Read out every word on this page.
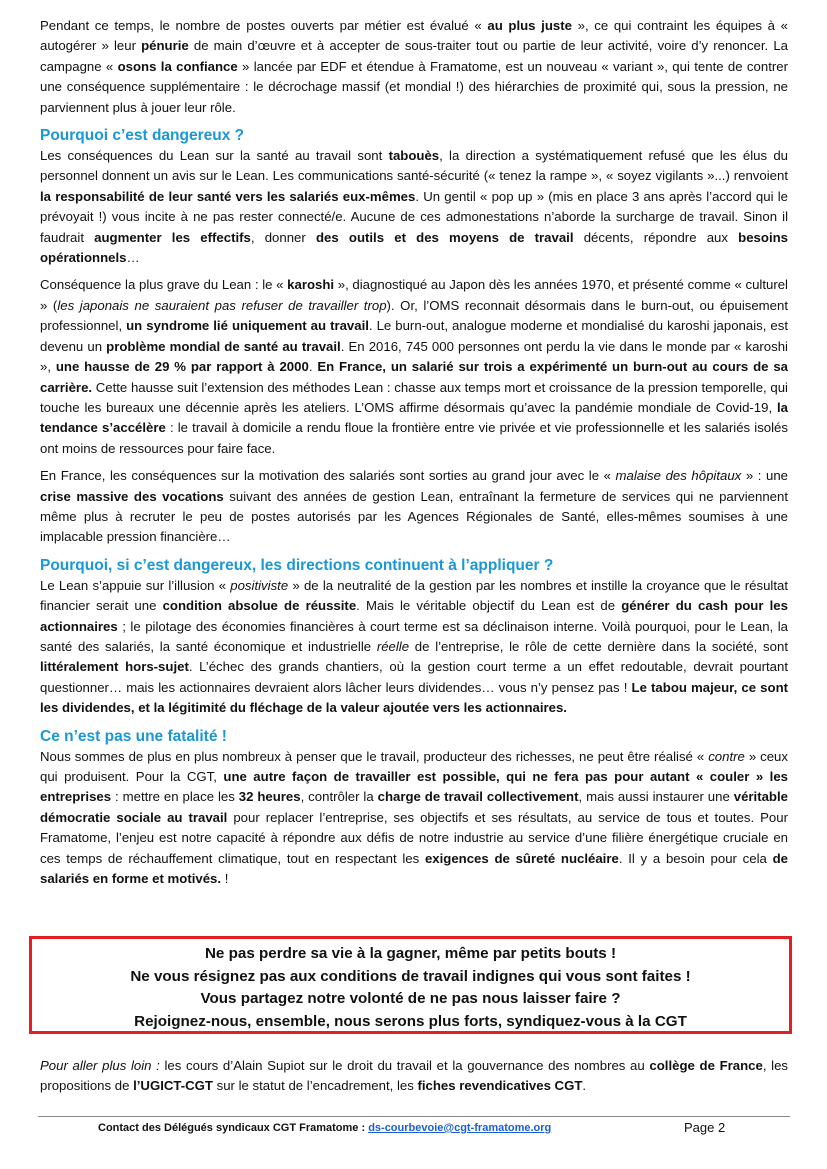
Pendant ce temps, le nombre de postes ouverts par métier est évalué « au plus juste », ce qui contraint les équipes à « autogérer » leur pénurie de main d’œuvre et à accepter de sous-traiter tout ou partie de leur activité, voire d’y renoncer. La campagne « osons la confiance » lancée par EDF et étendue à Framatome, est un nouveau « variant », qui tente de contrer une conséquence supplémentaire : le décrochage massif (et mondial !) des hiérarchies de proximité qui, sous la pression, ne parviennent plus à jouer leur rôle.

Pourquoi c’est dangereux ?

Les conséquences du Lean sur la santé au travail sont tabouès, la direction a systématiquement refusé que les élus du personnel donnent un avis sur le Lean. Les communications santé-sécurité (« tenez la rampe », « soyez vigilants »...) renvoient la responsabilité de leur santé vers les salariés eux-mêmes. Un gentil « pop up » (mis en place 3 ans après l’accord qui le prévoyait !) vous incite à ne pas rester connecté/e. Aucune de ces admonestations n’aborde la surcharge de travail. Sinon il faudrait augmenter les effectifs, donner des outils et des moyens de travail décents, répondre aux besoins opérationnels…

Conséquence la plus grave du Lean : le « karoshi », diagnostiqué au Japon dès les années 1970, et présenté comme « culturel » (les japonais ne sauraient pas refuser de travailler trop). Or, l’OMS reconnait désormais dans le burn-out, ou épuisement professionnel, un syndrome lié uniquement au travail. Le burn-out, analogue moderne et mondialisé du karoshi japonais, est devenu un problème mondial de santé au travail. En 2016, 745 000 personnes ont perdu la vie dans le monde par « karoshi », une hausse de 29 % par rapport à 2000. En France, un salarié sur trois a expérimenté un burn-out au cours de sa carrière. Cette hausse suit l’extension des méthodes Lean : chasse aux temps mort et croissance de la pression temporelle, qui touche les bureaux une décennie après les ateliers. L’OMS affirme désormais qu’avec la pandémie mondiale de Covid-19, la tendance s’accélère : le travail à domicile a rendu floue la frontière entre vie privée et vie professionnelle et les salariés isolés ont moins de ressources pour faire face.

En France, les conséquences sur la motivation des salariés sont sorties au grand jour avec le « malaise des hôpitaux » : une crise massive des vocations suivant des années de gestion Lean, entraînant la fermeture de services qui ne parviennent même plus à recruter le peu de postes autorisés par les Agences Régionales de Santé, elles-mêmes soumises à une implacable pression financière…

Pourquoi, si c’est dangereux, les directions continuent à l’appliquer ?

Le Lean s’appuie sur l’illusion « positiviste » de la neutralité de la gestion par les nombres et instille la croyance que le résultat financier serait une condition absolue de réussite. Mais le véritable objectif du Lean est de générer du cash pour les actionnaires ; le pilotage des économies financières à court terme est sa déclinaison interne. Voilà pourquoi, pour le Lean, la santé des salariés, la santé économique et industrielle réelle de l’entreprise, le rôle de cette dernière dans la société, sont littéralement hors-sujet. L’échec des grands chantiers, où la gestion court terme a un effet redoutable, devrait pourtant questionner… mais les actionnaires devraient alors lâcher leurs dividendes… vous n’y pensez pas ! Le tabou majeur, ce sont les dividendes, et la légitimité du fléchage de la valeur ajoutée vers les actionnaires.

Ce n’est pas une fatalité !

Nous sommes de plus en plus nombreux à penser que le travail, producteur des richesses, ne peut être réalisé « contre » ceux qui produisent. Pour la CGT, une autre façon de travailler est possible, qui ne fera pas pour autant « couler » les entreprises : mettre en place les 32 heures, contrôler la charge de travail collectivement, mais aussi instaurer une véritable démocratie sociale au travail pour replacer l’entreprise, ses objectifs et ses résultats, au service de tous et toutes. Pour Framatome, l’enjeu est notre capacité à répondre aux défis de notre industrie au service d’une filière énergétique cruciale en ces temps de réchauffement climatique, tout en respectant les exigences de sûreté nucléaire. Il y a besoin pour cela de salariés en forme et motivés. !

Ne pas perdre sa vie à la gagner, même par petits bouts !
Ne vous résignez pas aux conditions de travail indignes qui vous sont faites !
Vous partagez notre volonté de ne pas nous laisser faire ?
Rejoignez-nous, ensemble, nous serons plus forts, syndiquez-vous à la CGT

Pour aller plus loin : les cours d’Alain Supiot sur le droit du travail et la gouvernance des nombres au collège de France, les propositions de l’UGICT-CGT sur le statut de l’encadrement, les fiches revendicatives CGT.

Contact des Délégués syndicaux CGT Framatome : ds-courbevoie@cgt-framatome.org	Page 2
